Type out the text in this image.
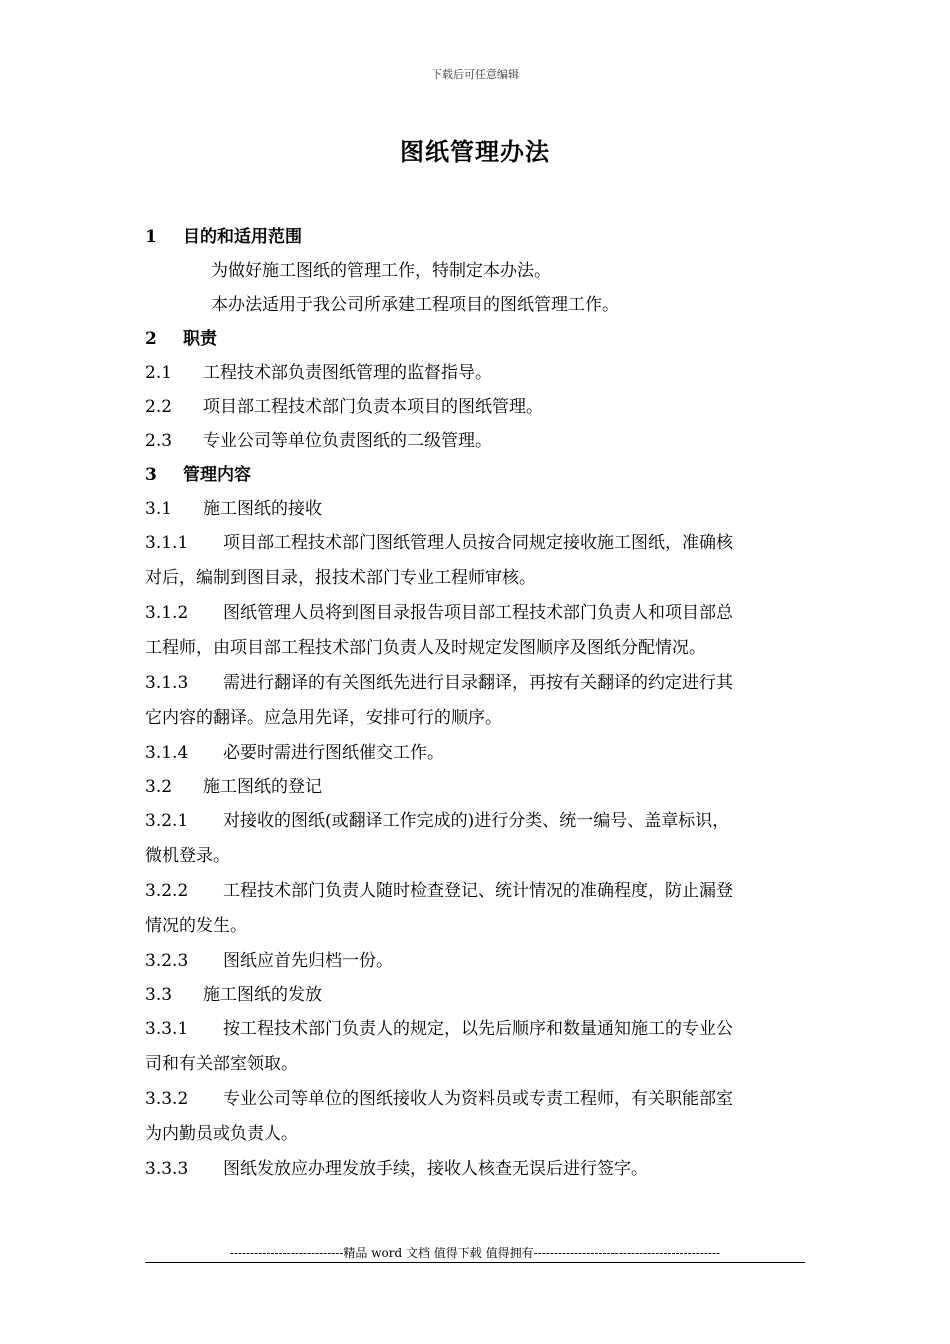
下载后可任意编辑
图纸管理办法
1 目的和适用范围
为做好施工图纸的管理工作，特制定本办法。
本办法适用于我公司所承建工程项目的图纸管理工作。
2 职责
2.1 工程技术部负责图纸管理的监督指导。
2.2 项目部工程技术部门负责本项目的图纸管理。
2.3 专业公司等单位负责图纸的二级管理。
3 管理内容
3.1 施工图纸的接收
3.1.1 项目部工程技术部门图纸管理人员按合同规定接收施工图纸，准确核
对后，编制到图目录，报技术部门专业工程师审核。
3.1.2 图纸管理人员将到图目录报告项目部工程技术部门负责人和项目部总
工程师，由项目部工程技术部门负责人及时规定发图顺序及图纸分配情况。
3.1.3 需进行翻译的有关图纸先进行目录翻译，再按有关翻译的约定进行其
它内容的翻译。应急用先译，安排可行的顺序。
3.1.4 必要时需进行图纸催交工作。
3.2 施工图纸的登记
3.2.1 对接收的图纸(或翻译工作完成的)进行分类、统一编号、盖章标识，
微机登录。
3.2.2 工程技术部门负责人随时检查登记、统计情况的准确程度，防止漏登
情况的发生。
3.2.3 图纸应首先归档一份。
3.3 施工图纸的发放
3.3.1 按工程技术部门负责人的规定，以先后顺序和数量通知施工的专业公
司和有关部室领取。
3.3.2 专业公司等单位的图纸接收人为资料员或专责工程师，有关职能部室
为内勤员或负责人。
3.3.3 图纸发放应办理发放手续，接收人核查无误后进行签字。
----------------------------精品 word 文档 值得下载 值得拥有----------------------------------------------
